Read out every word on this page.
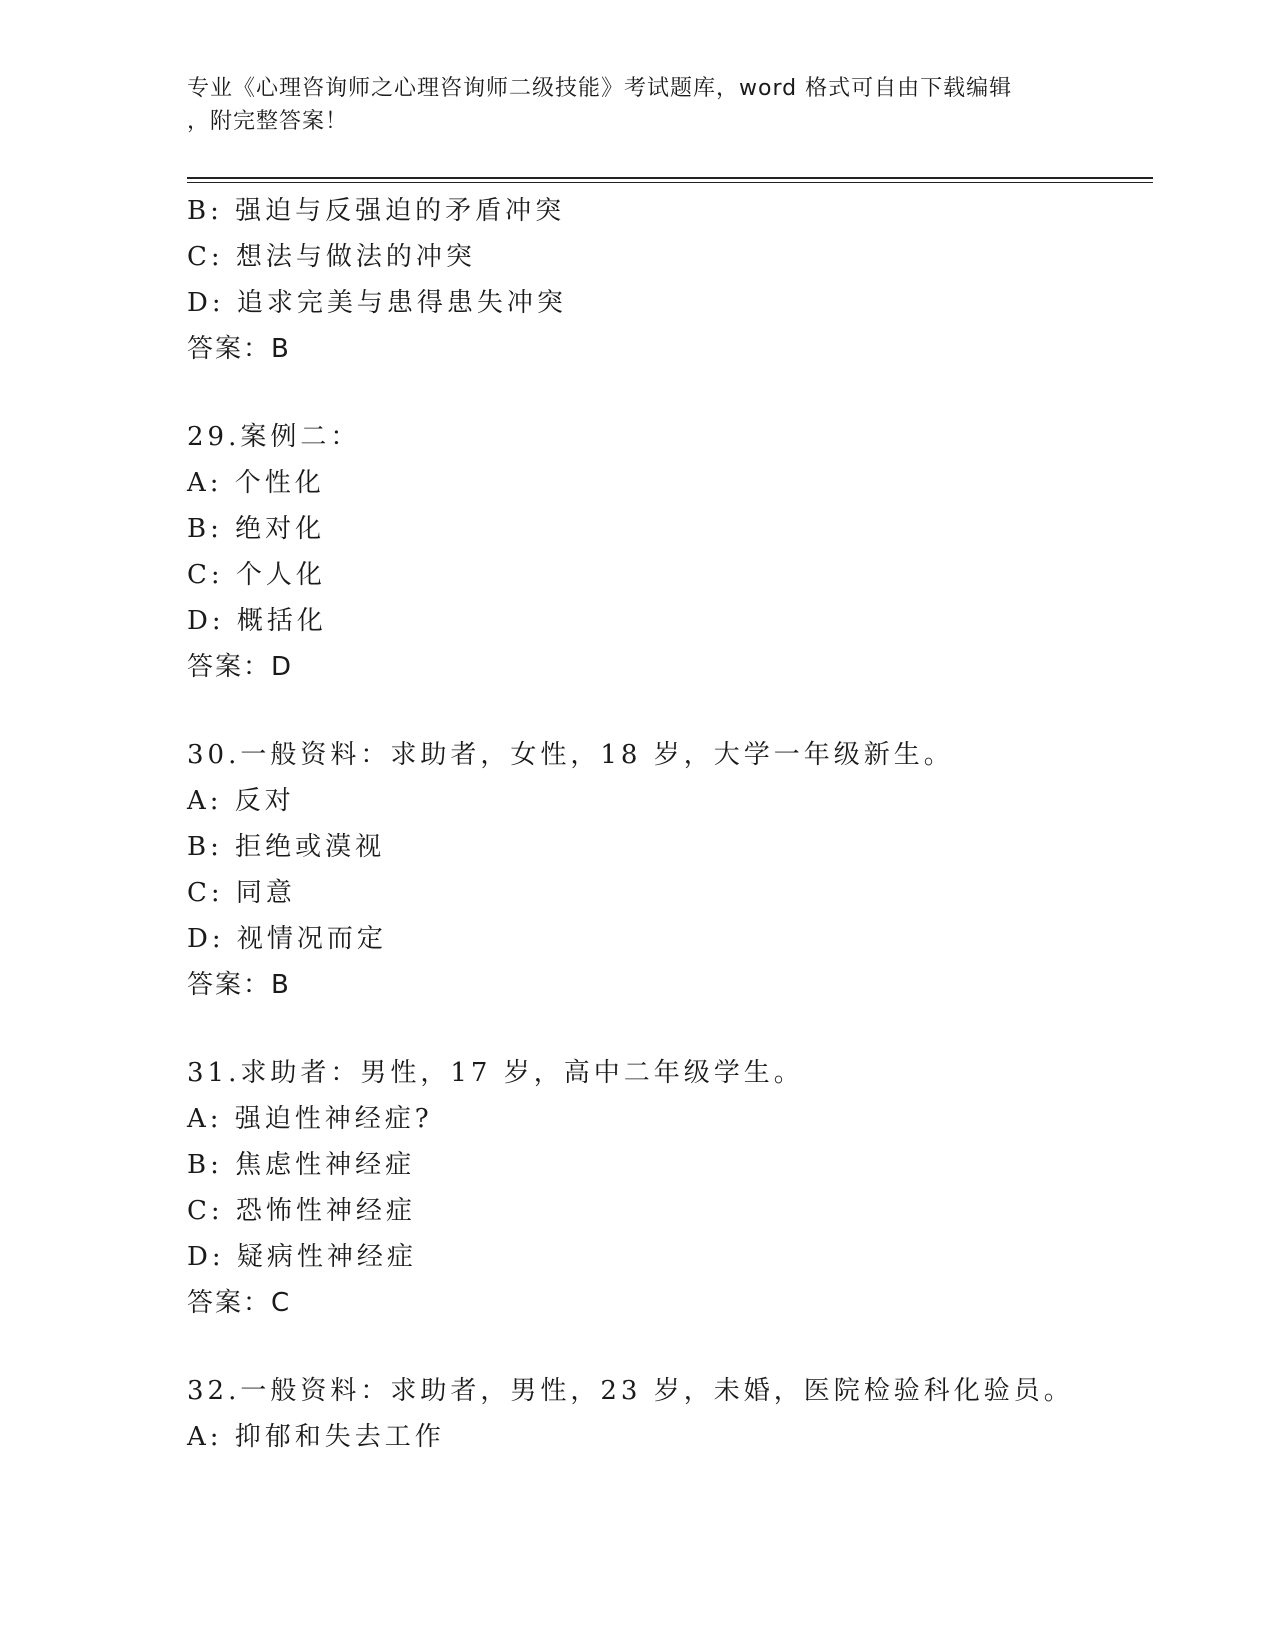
专业《心理咨询师之心理咨询师二级技能》考试题库，word 格式可自由下载编辑
，附完整答案！
B: 强迫与反强迫的矛盾冲突
C: 想法与做法的冲突
D: 追求完美与患得患失冲突
答案：B
29.案例二：
A: 个性化
B: 绝对化
C: 个人化
D: 概括化
答案：D
30.一般资料：求助者，女性，18 岁，大学一年级新生。
A: 反对
B: 拒绝或漠视
C: 同意
D: 视情况而定
答案：B
31.求助者：男性，17 岁，高中二年级学生。
A: 强迫性神经症?
B: 焦虑性神经症
C: 恐怖性神经症
D: 疑病性神经症
答案：C
32.一般资料：求助者，男性，23 岁，未婚，医院检验科化验员。
A: 抑郁和失去工作
